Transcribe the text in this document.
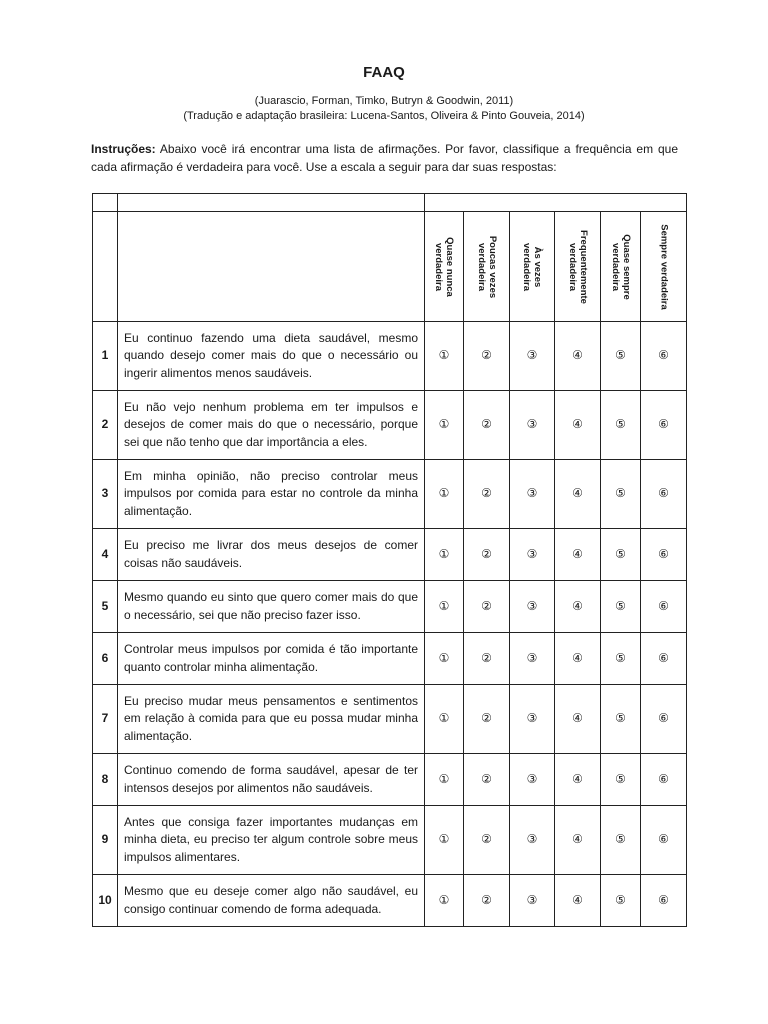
FAAQ
(Juarascio, Forman, Timko, Butryn & Goodwin, 2011)
(Tradução e adaptação brasileira: Lucena-Santos, Oliveira & Pinto Gouveia, 2014)
Instruções: Abaixo você irá encontrar uma lista de afirmações. Por favor, classifique a frequência em que cada afirmação é verdadeira para você. Use a escala a seguir para dar suas respostas:

		Quase nunca
verdadeira	Poucas vezes
verdadeira	Às vezes
verdadeira	Frequentemente
verdadeira	Quase sempre
verdadeira	Sempre verdadeira

1	Eu continuo fazendo uma dieta saudável, mesmo quando desejo comer mais do que o necessário ou ingerir alimentos menos saudáveis.	①	②	③	④	⑤	⑥
2	Eu não vejo nenhum problema em ter impulsos e desejos de comer mais do que o necessário, porque sei que não tenho que dar importância a eles.	①	②	③	④	⑤	⑥
3	Em minha opinião, não preciso controlar meus impulsos por comida para estar no controle da minha alimentação.	①	②	③	④	⑤	⑥
4	Eu preciso me livrar dos meus desejos de comer coisas não saudáveis.	①	②	③	④	⑤	⑥
5	Mesmo quando eu sinto que quero comer mais do que o necessário, sei que não preciso fazer isso.	①	②	③	④	⑤	⑥
6	Controlar meus impulsos por comida é tão importante quanto controlar minha alimentação.	①	②	③	④	⑤	⑥
7	Eu preciso mudar meus pensamentos e sentimentos em relação à comida para que eu possa mudar minha alimentação.	①	②	③	④	⑤	⑥
8	Continuo comendo de forma saudável, apesar de ter intensos desejos por alimentos não saudáveis.	①	②	③	④	⑤	⑥
9	Antes que consiga fazer importantes mudanças em minha dieta, eu preciso ter algum controle sobre meus impulsos alimentares.	①	②	③	④	⑤	⑥
10	Mesmo que eu deseje comer algo não saudável, eu consigo continuar comendo de forma adequada.	①	②	③	④	⑤	⑥
